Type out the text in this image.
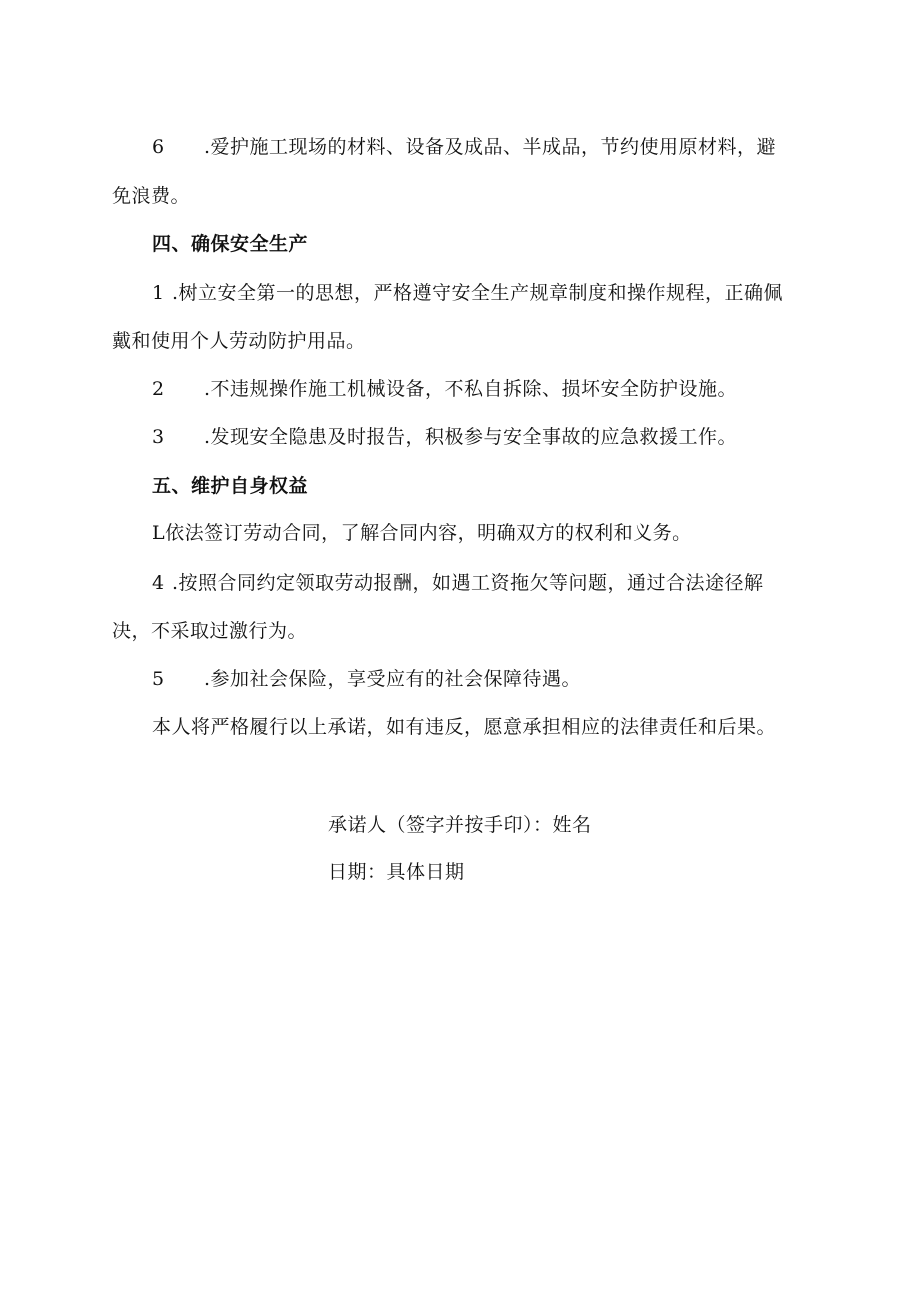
6 .爱护施工现场的材料、设备及成品、半成品，节约使用原材料，避
免浪费。
四、确保安全生产
1 .树立安全第一的思想，严格遵守安全生产规章制度和操作规程，正确佩
戴和使用个人劳动防护用品。
2 .不违规操作施工机械设备，不私自拆除、损坏安全防护设施。
3 .发现安全隐患及时报告，积极参与安全事故的应急救援工作。
五、维护自身权益
L依法签订劳动合同，了解合同内容，明确双方的权利和义务。
4 .按照合同约定领取劳动报酬，如遇工资拖欠等问题，通过合法途径解
决，不采取过激行为。
5 .参加社会保险，享受应有的社会保障待遇。
本人将严格履行以上承诺，如有违反，愿意承担相应的法律责任和后果。
承诺人（签字并按手印）：姓名
日期：具体日期
